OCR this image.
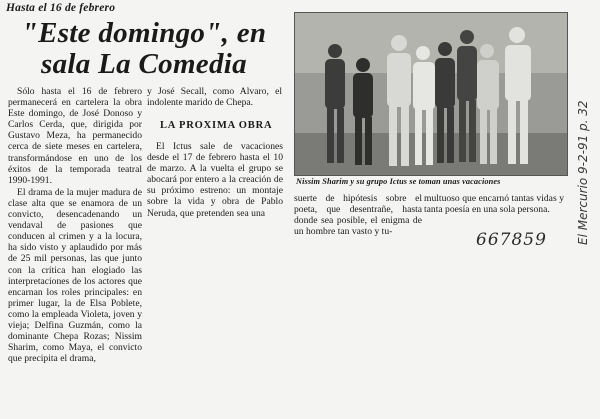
Hasta el 16 de febrero
"Este domingo", en
sala La Comedia

Sólo hasta el 16 de febrero permanecerá en cartelera la obra Este domingo, de José Donoso y Carlos Cerda, que, dirigida por Gustavo Meza, ha permanecido cerca de siete meses en cartelera, transformándose en uno de los éxitos de la temporada teatral 1990-1991.

El drama de la mujer madura de clase alta que se enamora de un convicto, desencadenando un vendaval de pasiones que conducen al crimen y a la locura, ha sido visto y aplaudido por más de 25 mil personas, las que junto con la crítica han elogiado las interpretaciones de los actores que encarnan los roles principales: en primer lugar, la de Elsa Poblete, como la empleada Violeta, joven y vieja; Delfina Guzmán, como la dominante Chepa Rozas; Nissim Sharim, como Maya, el convicto que precipita el drama,

y José Secall, como Alvaro, el indolente marido de Chepa.

LA PROXIMA OBRA

El Ictus sale de vacaciones desde el 17 de febrero hasta el 10 de marzo. A la vuelta el grupo se abocará por entero a la creación de su próximo estreno: un montaje sobre la vida y obra de Pablo Neruda, que pretenden sea una

Nissim Sharim y su grupo Ictus se toman unas vacaciones

suerte de hipótesis sobre el poeta, que desentrañe, hasta donde sea posible, el enigma de un hombre tan vasto y tu-

multuoso que encarnó tantas vidas y tanta poesía en una sola persona.

667859 El Mercurio 9-2-91 p. 32
